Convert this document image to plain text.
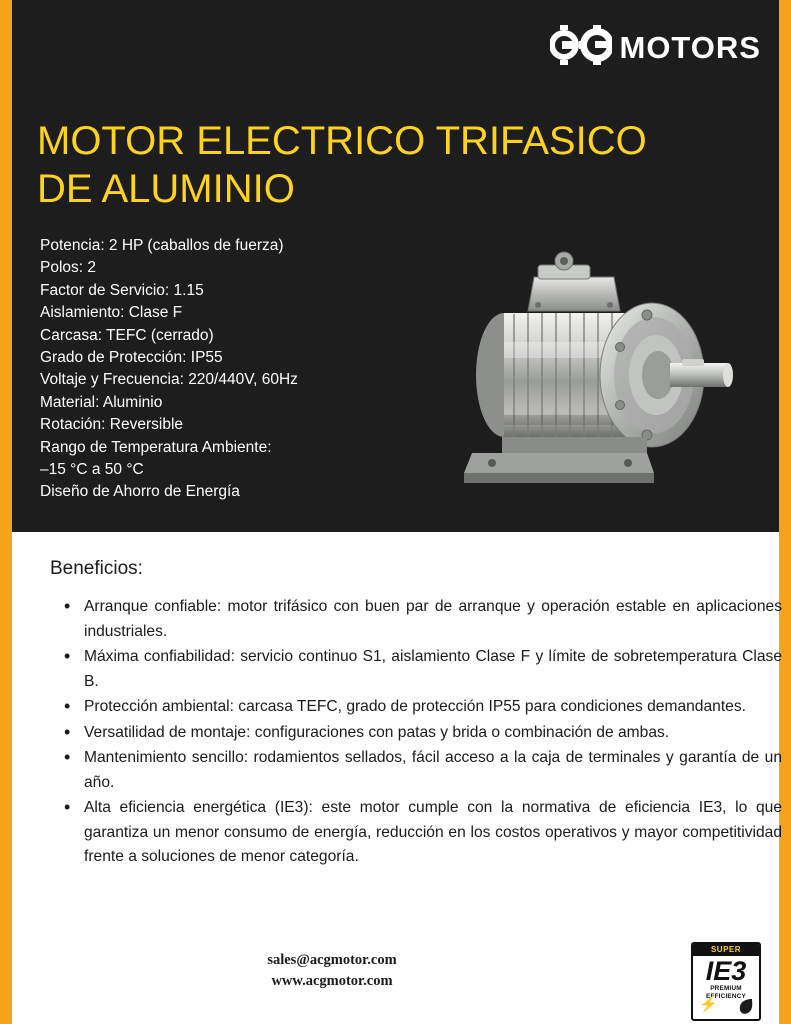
MOTORS
MOTOR ELECTRICO TRIFASICO DE ALUMINIO
Potencia: 2 HP (caballos de fuerza)
Polos: 2
Factor de Servicio: 1.15
Aislamiento: Clase F
Carcasa: TEFC (cerrado)
Grado de Protección: IP55
Voltaje y Frecuencia: 220/440V, 60Hz
Material: Aluminio
Rotación: Reversible
Rango de Temperatura Ambiente:
–15 °C a 50 °C
Diseño de Ahorro de Energía
Beneficios:
• Arranque confiable: motor trifásico con buen par de arranque y operación estable en aplicaciones industriales.
• Máxima confiabilidad: servicio continuo S1, aislamiento Clase F y límite de sobretemperatura Clase B.
• Protección ambiental: carcasa TEFC, grado de protección IP55 para condiciones demandantes.
• Versatilidad de montaje: configuraciones con patas y brida o combinación de ambas.
• Mantenimiento sencillo: rodamientos sellados, fácil acceso a la caja de terminales y garantía de un año.
• Alta eficiencia energética (IE3): este motor cumple con la normativa de eficiencia IE3, lo que garantiza un menor consumo de energía, reducción en los costos operativos y mayor competitividad frente a soluciones de menor categoría.
sales@acgmotor.com
www.acgmotor.com
SUPER
IE3
PREMIUM
EFFICIENCY
⚡
